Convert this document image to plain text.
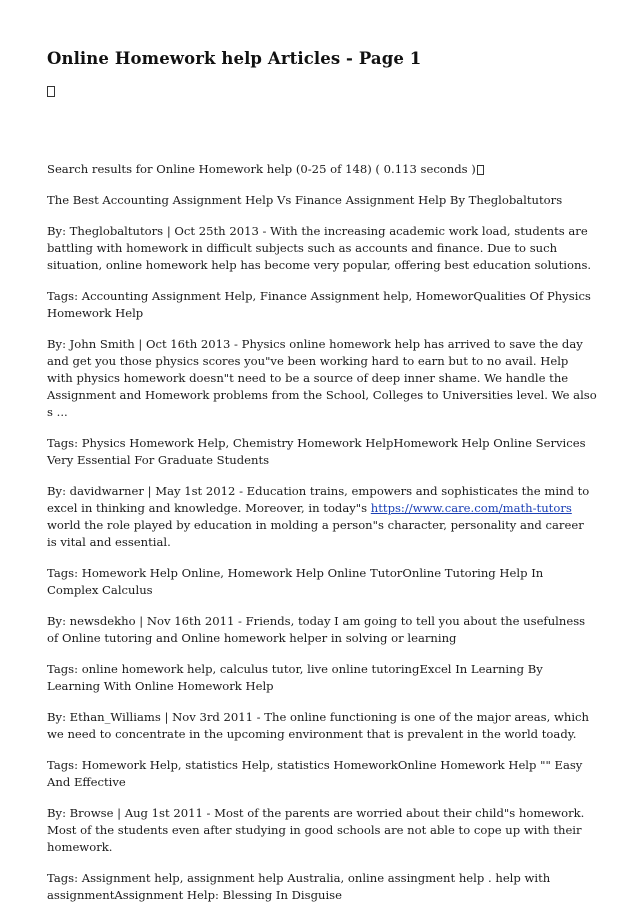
Online Homework help Articles - Page 1
Search results for Online Homework help (0-25 of 148) ( 0.113 seconds )

The Best Accounting Assignment Help Vs Finance Assignment Help By Theglobaltutors

By: Theglobaltutors | Oct 25th 2013 - With the increasing academic work load, students are battling with homework in difficult subjects such as accounts and finance. Due to such situation, online homework help has become very popular, offering best education solutions.

Tags: Accounting Assignment Help, Finance Assignment help, HomeworQualities Of Physics Homework Help

By: John Smith | Oct 16th 2013 - Physics online homework help has arrived to save the day and get you those physics scores you"ve been working hard to earn but to no avail. Help with physics homework doesn"t need to be a source of deep inner shame. We handle the Assignment and Homework problems from the School, Colleges to Universities level. We also s ...

Tags: Physics Homework Help, Chemistry Homework HelpHomework Help Online Services Very Essential For Graduate Students

By: davidwarner | May 1st 2012 - Education trains, empowers and sophisticates the mind to excel in thinking and knowledge. Moreover, in today"s https://www.care.com/math-tutors world the role played by education in molding a person"s character, personality and career is vital and essential.

Tags: Homework Help Online, Homework Help Online TutorOnline Tutoring Help In Complex Calculus

By: newsdekho | Nov 16th 2011 - Friends, today I am going to tell you about the usefulness of Online tutoring and Online homework helper in solving or learning

Tags: online homework help, calculus tutor, live online tutoringExcel In Learning By Learning With Online Homework Help

By: Ethan_Williams | Nov 3rd 2011 - The online functioning is one of the major areas, which we need to concentrate in the upcoming environment that is prevalent in the world toady.

Tags: Homework Help, statistics Help, statistics HomeworkOnline Homework Help "" Easy And Effective

By: Browse | Aug 1st 2011 - Most of the parents are worried about their child"s homework. Most of the students even after studying in good schools are not able to cope up with their homework.

Tags: Assignment help, assignment help Australia, online assingment help . help with assignmentAssignment Help: Blessing In Disguise
